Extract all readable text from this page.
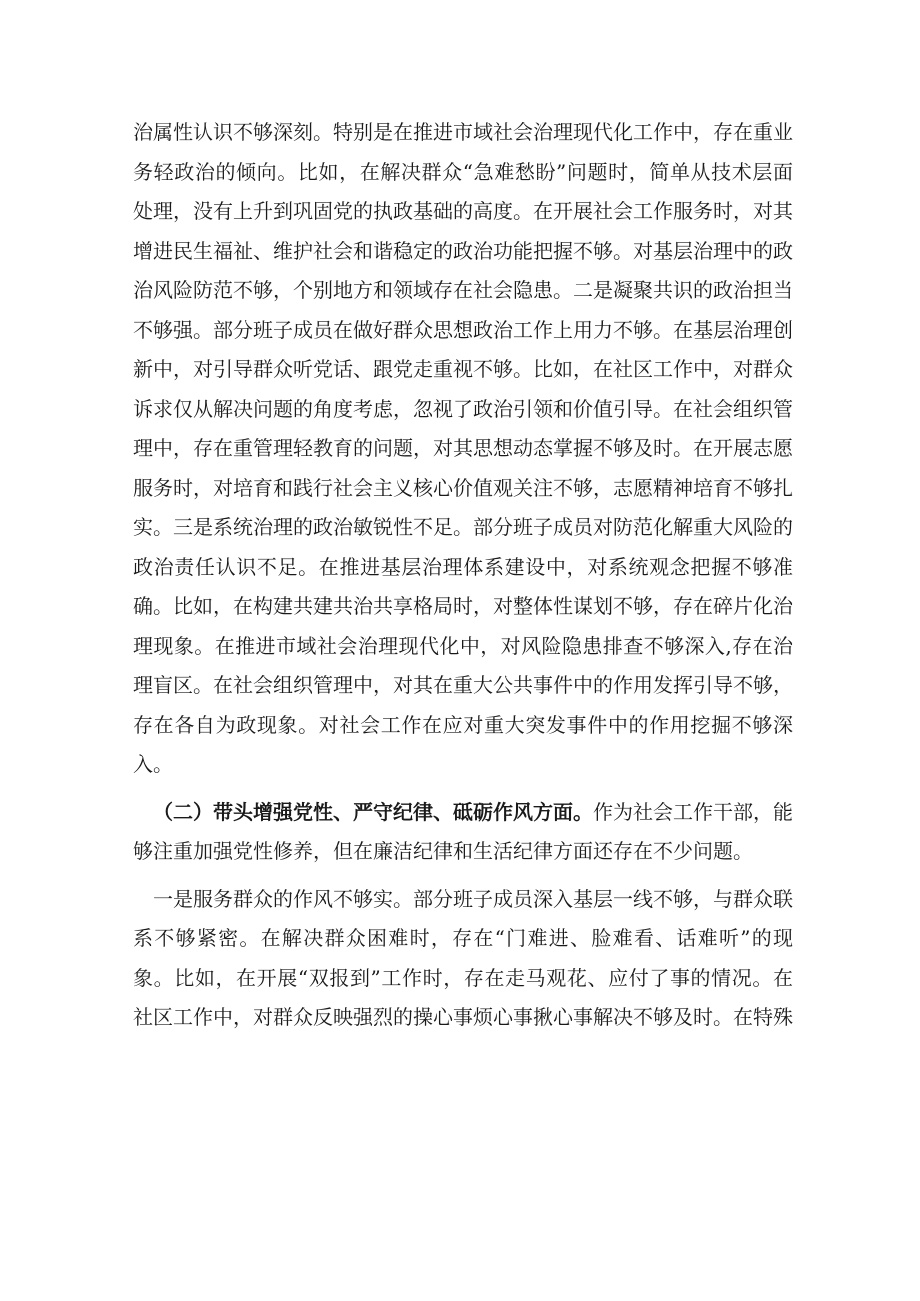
治属性认识不够深刻。特别是在推进市域社会治理现代化工作中，存在重业务轻政治的倾向。比如，在解决群众“急难愁盼”问题时，简单从技术层面处理，没有上升到巩固党的执政基础的高度。在开展社会工作服务时，对其增进民生福祉、维护社会和谐稳定的政治功能把握不够。对基层治理中的政治风险防范不够，个别地方和领域存在社会隐患。二是凝聚共识的政治担当不够强。部分班子成员在做好群众思想政治工作上用力不够。在基层治理创新中，对引导群众听党话、跟党走重视不够。比如，在社区工作中，对群众诉求仅从解决问题的角度考虑，忽视了政治引领和价值引导。在社会组织管理中，存在重管理轻教育的问题，对其思想动态掌握不够及时。在开展志愿服务时，对培育和践行社会主义核心价值观关注不够，志愿精神培育不够扎实。三是系统治理的政治敏锐性不足。部分班子成员对防范化解重大风险的政治责任认识不足。在推进基层治理体系建设中，对系统观念把握不够准确。比如，在构建共建共治共享格局时，对整体性谋划不够，存在碎片化治理现象。在推进市域社会治理现代化中，对风险隐患排查不够深入,存在治理盲区。在社会组织管理中，对其在重大公共事件中的作用发挥引导不够，存在各自为政现象。对社会工作在应对重大突发事件中的作用挖掘不够深入。

（二）带头增强党性、严守纪律、砥砺作风方面。作为社会工作干部，能够注重加强党性修养，但在廉洁纪律和生活纪律方面还存在不少问题。

一是服务群众的作风不够实。部分班子成员深入基层一线不够，与群众联系不够紧密。在解决群众困难时，存在“门难进、脸难看、话难听”的现象。比如，在开展“双报到”工作时，存在走马观花、应付了事的情况。在社区工作中，对群众反映强烈的操心事烦心事揪心事解决不够及时。在特殊
